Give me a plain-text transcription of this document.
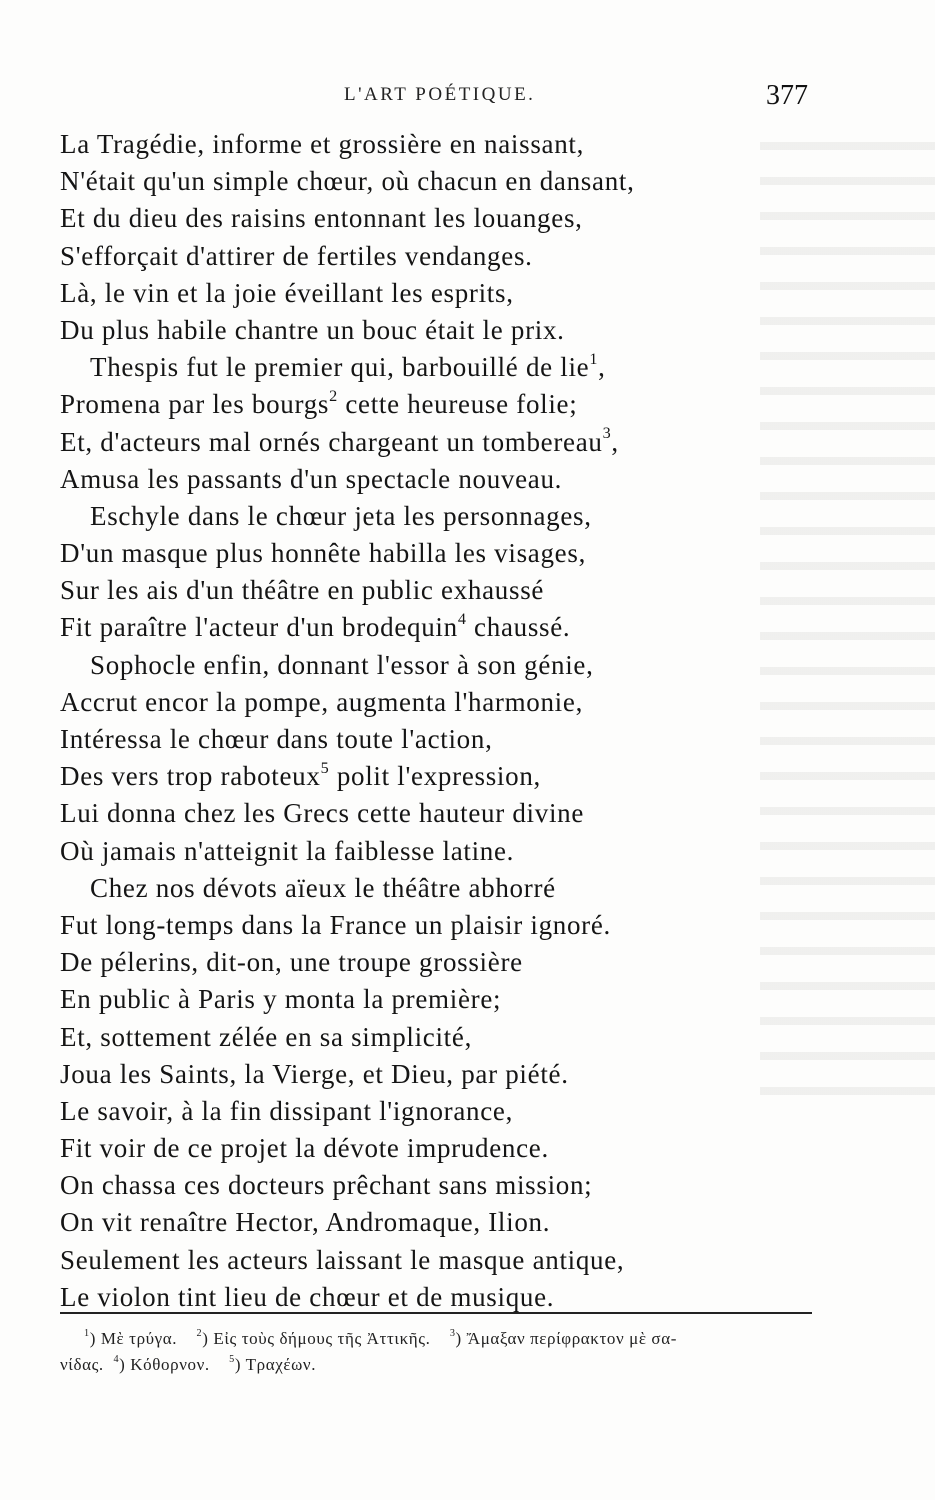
L'ART POÉTIQUE.	377
La Tragédie, informe et grossière en naissant,
N'était qu'un simple chœur, où chacun en dansant,
Et du dieu des raisins entonnant les louanges,
S'efforçait d'attirer de fertiles vendanges.
Là, le vin et la joie éveillant les esprits,
Du plus habile chantre un bouc était le prix.
Thespis fut le premier qui, barbouillé de lie$^1$,
Promena par les bourgs$^2$ cette heureuse folie;
Et, d'acteurs mal ornés chargeant un tombereau$^3$,
Amusa les passants d'un spectacle nouveau.
Eschyle dans le chœur jeta les personnages,
D'un masque plus honnête habilla les visages,
Sur les ais d'un théâtre en public exhaussé
Fit paraître l'acteur d'un brodequin$^4$ chaussé.
Sophocle enfin, donnant l'essor à son génie,
Accrut encor la pompe, augmenta l'harmonie,
Intéressa le chœur dans toute l'action,
Des vers trop raboteux$^5$ polit l'expression,
Lui donna chez les Grecs cette hauteur divine
Où jamais n'atteignit la faiblesse latine.
Chez nos dévots aïeux le théâtre abhorré
Fut long-temps dans la France un plaisir ignoré.
De pélerins, dit-on, une troupe grossière
En public à Paris y monta la première;
Et, sottement zélée en sa simplicité,
Joua les Saints, la Vierge, et Dieu, par piété.
Le savoir, à la fin dissipant l'ignorance,
Fit voir de ce projet la dévote imprudence.
On chassa ces docteurs prêchant sans mission;
On vit renaître Hector, Andromaque, Ilion.
Seulement les acteurs laissant le masque antique,
Le violon tint lieu de chœur et de musique.
$^1$) Μὲ τρύγα. $^2$) Εἰς τοὺς δήμους τῆς Ἀττικῆς. $^3$) Ἄμαξαν περίφρακτον μὲ σα-
νίδας. $^4$) Κόθορνον. $^5$) Τραχέων.
